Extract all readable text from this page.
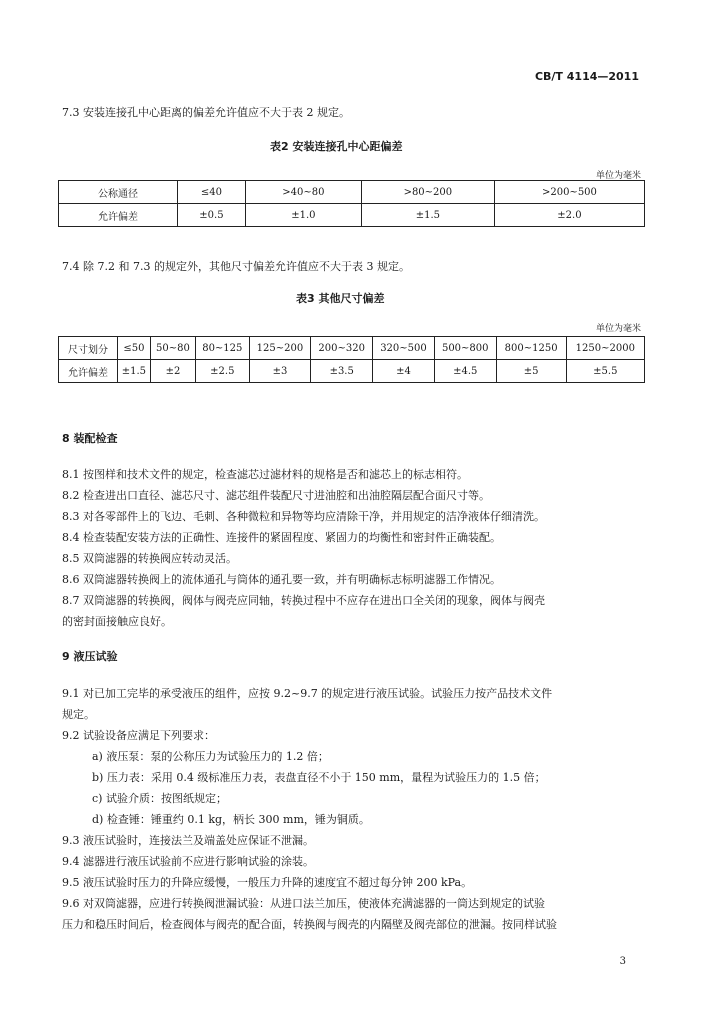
CB/T 4114—2011
7.3 安装连接孔中心距离的偏差允许值应不大于表 2 规定。
表2 安装连接孔中心距偏差
单位为毫米
公称通径	≤40	>40~80	>80~200	>200~500
允许偏差	±0.5	±1.0	±1.5	±2.0
7.4 除 7.2 和 7.3 的规定外，其他尺寸偏差允许值应不大于表 3 规定。
表3 其他尺寸偏差
单位为毫米
尺寸划分	≤50	50~80	80~125	125~200	200~320	320~500	500~800	800~1250	1250~2000
允许偏差	±1.5	±2	±2.5	±3	±3.5	±4	±4.5	±5	±5.5
8 装配检查
8.1 按图样和技术文件的规定，检查滤芯过滤材料的规格是否和滤芯上的标志相符。
8.2 检查进出口直径、滤芯尺寸、滤芯组件装配尺寸进油腔和出油腔隔层配合面尺寸等。
8.3 对各零部件上的飞边、毛刺、各种微粒和异物等均应清除干净，并用规定的洁净液体仔细清洗。
8.4 检查装配安装方法的正确性、连接件的紧固程度、紧固力的均衡性和密封件正确装配。
8.5 双筒滤器的转换阀应转动灵活。
8.6 双筒滤器转换阀上的流体通孔与筒体的通孔要一致，并有明确标志标明滤器工作情况。
8.7 双筒滤器的转换阀，阀体与阀壳应同轴，转换过程中不应存在进出口全关闭的现象，阀体与阀壳
的密封面接触应良好。
9 液压试验
9.1 对已加工完毕的承受液压的组件，应按 9.2~9.7 的规定进行液压试验。试验压力按产品技术文件
规定。
9.2 试验设备应满足下列要求：
a) 液压泵：泵的公称压力为试验压力的 1.2 倍；
b) 压力表：采用 0.4 级标准压力表，表盘直径不小于 150 mm，量程为试验压力的 1.5 倍；
c) 试验介质：按图纸规定；
d) 检查锤：锤重约 0.1 kg，柄长 300 mm，锤为铜质。
9.3 液压试验时，连接法兰及端盖处应保证不泄漏。
9.4 滤器进行液压试验前不应进行影响试验的涂装。
9.5 液压试验时压力的升降应缓慢，一般压力升降的速度宜不超过每分钟 200 kPa。
9.6 对双筒滤器，应进行转换阀泄漏试验：从进口法兰加压，使液体充满滤器的一筒达到规定的试验
压力和稳压时间后，检查阀体与阀壳的配合面，转换阀与阀壳的内隔壁及阀壳部位的泄漏。按同样试验
3
